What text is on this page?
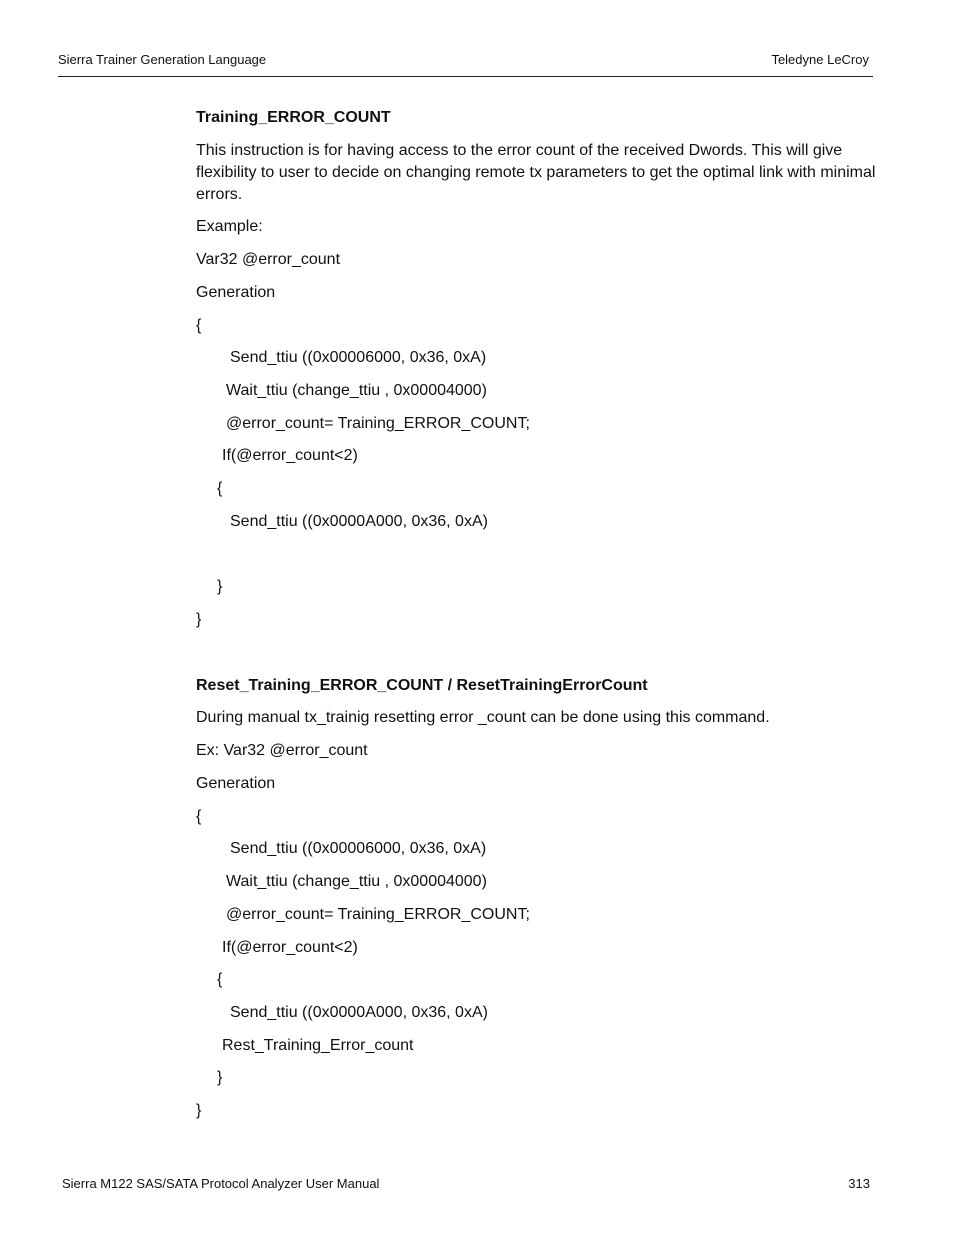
Sierra Trainer Generation Language	Teledyne LeCroy
Training_ERROR_COUNT
This instruction is for having access to the error count of the received Dwords. This will give flexibility to user to decide on changing remote tx parameters to get the optimal link with minimal errors.
Example:
Var32 @error_count
Generation
{
Send_ttiu ((0x00006000, 0x36, 0xA)
Wait_ttiu (change_ttiu , 0x00004000)
@error_count= Training_ERROR_COUNT;
If(@error_count<2)
{
Send_ttiu ((0x0000A000, 0x36, 0xA)
}
}
Reset_Training_ERROR_COUNT / ResetTrainingErrorCount
During manual tx_trainig resetting error _count can be done using this command.
Ex: Var32 @error_count
Generation
{
Send_ttiu ((0x00006000, 0x36, 0xA)
Wait_ttiu (change_ttiu , 0x00004000)
@error_count= Training_ERROR_COUNT;
If(@error_count<2)
{
Send_ttiu ((0x0000A000, 0x36, 0xA)
Rest_Training_Error_count
}
}
Sierra M122 SAS/SATA Protocol Analyzer User Manual	313
